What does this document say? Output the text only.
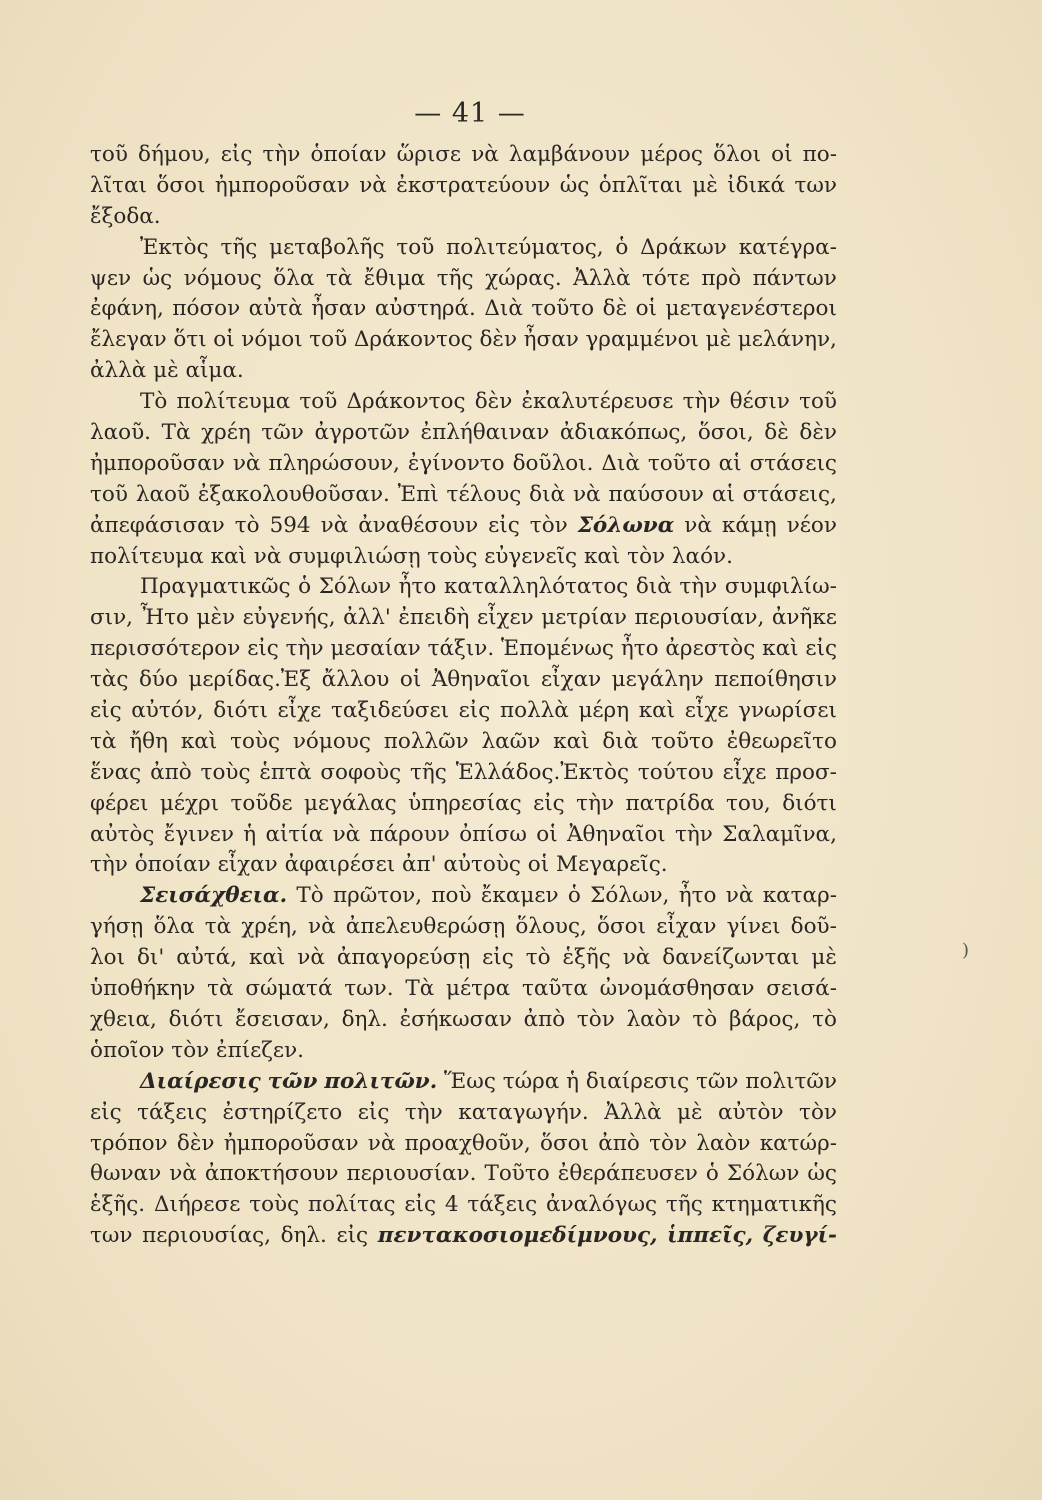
— 41 —
τοῦ δήμου, εἰς τὴν ὁποίαν ὥρισε νὰ λαμβάνουν μέρος ὅλοι οἱ πο-
λῖται ὅσοι ἠμποροῦσαν νὰ ἐκστρατεύουν ὡς ὁπλῖται μὲ ἰδικά των
ἔξοδα.
Ἐκτὸς τῆς μεταβολῆς τοῦ πολιτεύματος, ὁ Δράκων κατέγρα-
ψεν ὡς νόμους ὅλα τὰ ἔθιμα τῆς χώρας. Ἀλλὰ τότε πρὸ πάντων
ἐφάνη, πόσον αὐτὰ ἦσαν αὐστηρά. Διὰ τοῦτο δὲ οἱ μεταγενέστεροι
ἔλεγαν ὅτι οἱ νόμοι τοῦ Δράκοντος δὲν ἦσαν γραμμένοι μὲ μελάνην,
ἀλλὰ μὲ αἷμα.
Τὸ πολίτευμα τοῦ Δράκοντος δὲν ἐκαλυτέρευσε τὴν θέσιν τοῦ
λαοῦ. Τὰ χρέη τῶν ἀγροτῶν ἐπλήθαιναν ἀδιακόπως, ὅσοι, δὲ δὲν
ἠμποροῦσαν νὰ πληρώσουν, ἐγίνοντο δοῦλοι. Διὰ τοῦτο αἱ στάσεις
τοῦ λαοῦ ἐξακολουθοῦσαν. Ἐπὶ τέλους διὰ νὰ παύσουν αἱ στάσεις,
ἀπεφάσισαν τὸ 594 νὰ ἀναθέσουν εἰς τὸν Σόλωνα νὰ κάμῃ νέον
πολίτευμα καὶ νὰ συμφιλιώσῃ τοὺς εὐγενεῖς καὶ τὸν λαόν.
Πραγματικῶς ὁ Σόλων ἦτο καταλληλότατος διὰ τὴν συμφιλίω-
σιν, Ἦτο μὲν εὐγενής, ἀλλ' ἐπειδὴ εἶχεν μετρίαν περιουσίαν, ἀνῆκε
περισσότερον εἰς τὴν μεσαίαν τάξιν. Ἑπομένως ἦτο ἀρεστὸς καὶ εἰς
τὰς δύο μερίδας.Ἐξ ἄλλου οἱ Ἀθηναῖοι εἶχαν μεγάλην πεποίθησιν
εἰς αὐτόν, διότι εἶχε ταξιδεύσει εἰς πολλὰ μέρη καὶ εἶχε γνωρίσει
τὰ ἤθη καὶ τοὺς νόμους πολλῶν λαῶν καὶ διὰ τοῦτο ἐθεωρεῖτο
ἕνας ἀπὸ τοὺς ἑπτὰ σοφοὺς τῆς Ἑλλάδος.Ἐκτὸς τούτου εἶχε προσ-
φέρει μέχρι τοῦδε μεγάλας ὑπηρεσίας εἰς τὴν πατρίδα του, διότι
αὐτὸς ἔγινεν ἡ αἰτία νὰ πάρουν ὀπίσω οἱ Ἀθηναῖοι τὴν Σαλαμῖνα,
τὴν ὁποίαν εἶχαν ἀφαιρέσει ἀπ' αὐτοὺς οἱ Μεγαρεῖς.
Σεισάχθεια. Τὸ πρῶτον, ποὺ ἔκαμεν ὁ Σόλων, ἦτο νὰ καταρ-
γήσῃ ὅλα τὰ χρέη, νὰ ἀπελευθερώσῃ ὅλους, ὅσοι εἶχαν γίνει δοῦ-
λοι δι' αὐτά, καὶ νὰ ἀπαγορεύσῃ εἰς τὸ ἑξῆς νὰ δανείζωνται μὲ
ὑποθήκην τὰ σώματά των. Τὰ μέτρα ταῦτα ὠνομάσθησαν σεισά-
χθεια, διότι ἔσεισαν, δηλ. ἐσήκωσαν ἀπὸ τὸν λαὸν τὸ βάρος, τὸ
ὁποῖον τὸν ἐπίεζεν.
Διαίρεσις τῶν πολιτῶν. Ἕως τώρα ἡ διαίρεσις τῶν πολιτῶν
εἰς τάξεις ἐστηρίζετο εἰς τὴν καταγωγήν. Ἀλλὰ μὲ αὐτὸν τὸν
τρόπον δὲν ἠμποροῦσαν νὰ προαχθοῦν, ὅσοι ἀπὸ τὸν λαὸν κατώρ-
θωναν νὰ ἀποκτήσουν περιουσίαν. Τοῦτο ἐθεράπευσεν ὁ Σόλων ὡς
ἑξῆς. Διήρεσε τοὺς πολίτας εἰς 4 τάξεις ἀναλόγως τῆς κτηματικῆς
των περιουσίας, δηλ. εἰς πεντακοσιομεδίμνους, ἱππεῖς, ζευγί-
)
